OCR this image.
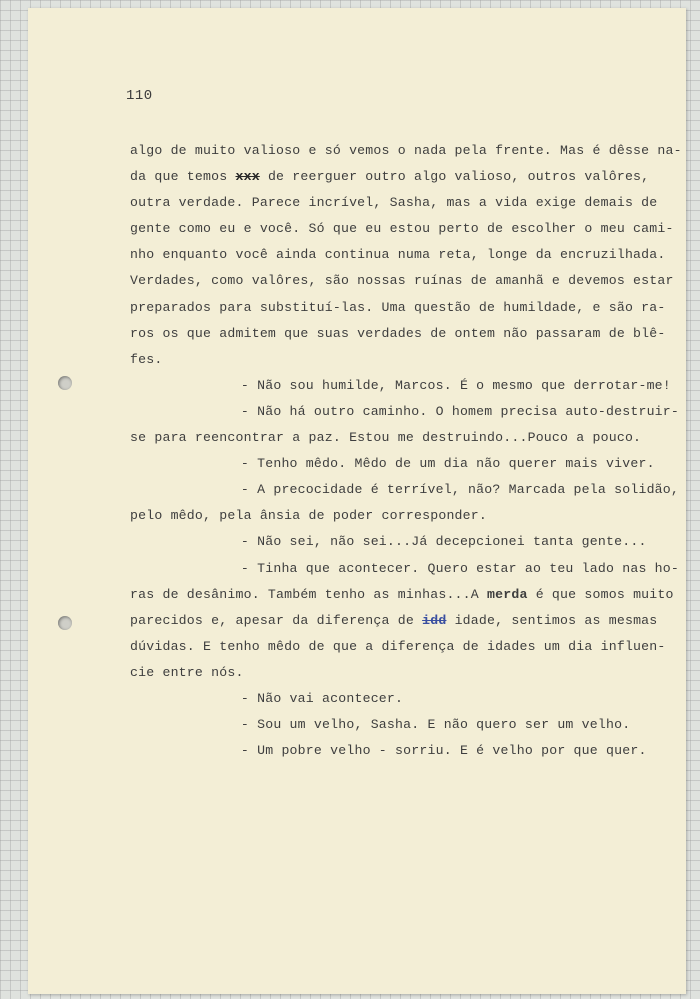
110
algo de muito valioso e só vemos o nada pela frente. Mas é dêsse na-
da que temos xxx de reerguer outro algo valioso, outros valôres,
outra verdade. Parece incrível, Sasha, mas a vida exige demais de
gente como eu e você. Só que eu estou perto de escolher o meu cami-
nho enquanto você ainda continua numa reta, longe da encruzilhada.
Verdades, como valôres, são nossas ruínas de amanhã e devemos estar
preparados para substituí-las. Uma questão de humildade, e são ra-
ros os que admitem que suas verdades de ontem não passaram de blê-
fes.
- Não sou humilde, Marcos. É o mesmo que derrotar-me!
- Não há outro caminho. O homem precisa auto-destruir-
se para reencontrar a paz. Estou me destruindo...Pouco a pouco.
- Tenho mêdo. Mêdo de um dia não querer mais viver.
- A precocidade é terrível, não? Marcada pela solidão,
pelo mêdo, pela ânsia de poder corresponder.
- Não sei, não sei...Já decepcionei tanta gente...
- Tinha que acontecer. Quero estar ao teu lado nas ho-
ras de desânimo. Também tenho as minhas...A merda é que somos muito
parecidos e, apesar da diferença de idd idade, sentimos as mesmas
dúvidas. E tenho mêdo de que a diferença de idades um dia influen-
cie entre nós.
- Não vai acontecer.
- Sou um velho, Sasha. E não quero ser um velho.
- Um pobre velho - sorriu. E é velho por que quer.
